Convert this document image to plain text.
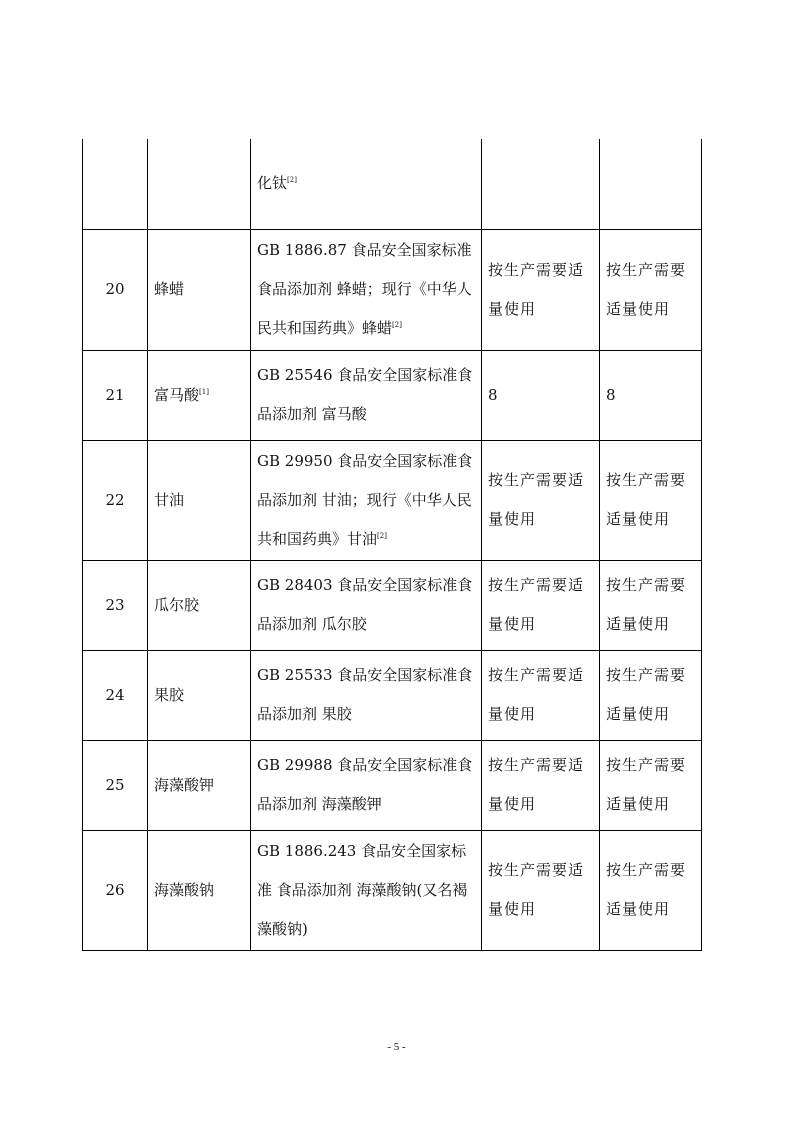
		化钛[2]		
20	蜂蜡	GB 1886.87 食品安全国家标准食品添加剂 蜂蜡；现行《中华人民共和国药典》蜂蜡[2]	按生产需要适量使用	按生产需要适量使用
21	富马酸[1]	GB 25546 食品安全国家标准食品添加剂 富马酸	8	8
22	甘油	GB 29950 食品安全国家标准食品添加剂 甘油；现行《中华人民共和国药典》甘油[2]	按生产需要适量使用	按生产需要适量使用
23	瓜尔胶	GB 28403 食品安全国家标准食品添加剂 瓜尔胶	按生产需要适量使用	按生产需要适量使用
24	果胶	GB 25533 食品安全国家标准食品添加剂 果胶	按生产需要适量使用	按生产需要适量使用
25	海藻酸钾	GB 29988 食品安全国家标准食品添加剂 海藻酸钾	按生产需要适量使用	按生产需要适量使用
26	海藻酸钠	GB 1886.243 食品安全国家标准 食品添加剂 海藻酸钠(又名褐藻酸钠)	按生产需要适量使用	按生产需要适量使用
- 5 -
